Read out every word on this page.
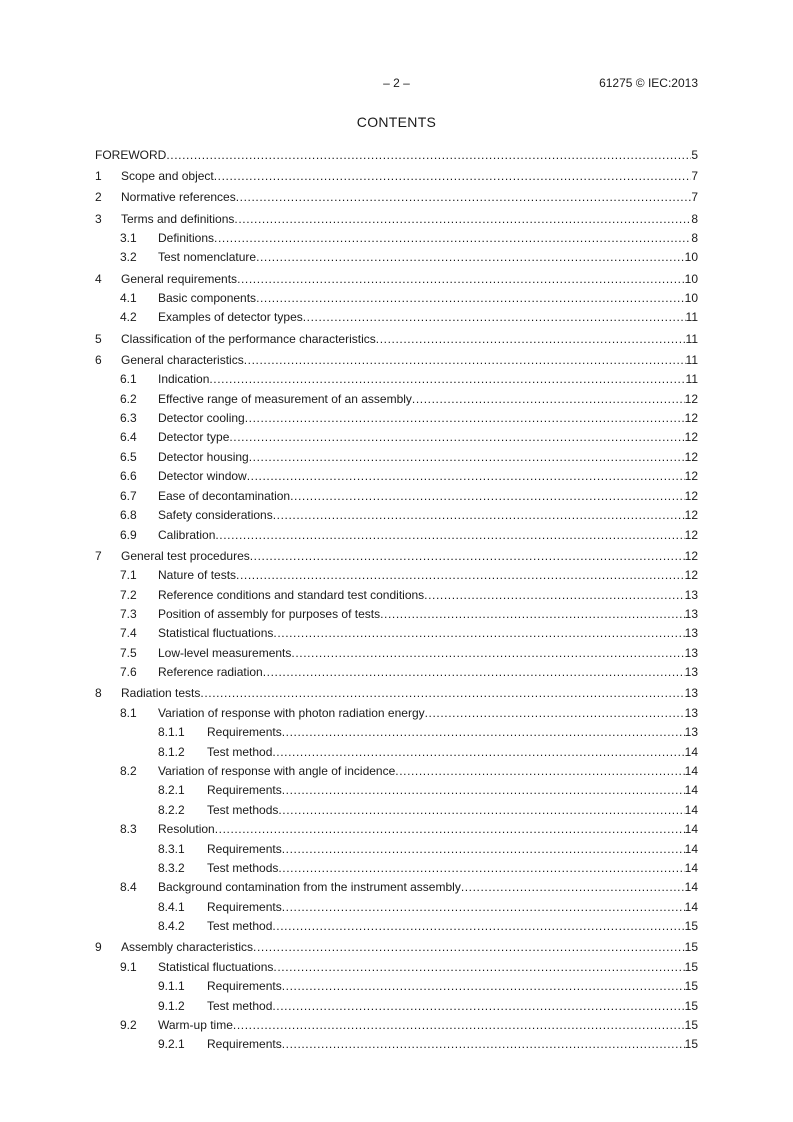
– 2 –	61275 © IEC:2013
CONTENTS
FOREWORD .....	5
1	Scope and object .....	7
2	Normative references .....	7
3	Terms and definitions .....	8
3.1	Definitions .....	8
3.2	Test nomenclature .....	10
4	General requirements .....	10
4.1	Basic components .....	10
4.2	Examples of detector types .....	11
5	Classification of the performance characteristics .....	11
6	General characteristics .....	11
6.1	Indication .....	11
6.2	Effective range of measurement of an assembly .....	12
6.3	Detector cooling .....	12
6.4	Detector type .....	12
6.5	Detector housing .....	12
6.6	Detector window .....	12
6.7	Ease of decontamination .....	12
6.8	Safety considerations .....	12
6.9	Calibration .....	12
7	General test procedures .....	12
7.1	Nature of tests .....	12
7.2	Reference conditions and standard test conditions .....	13
7.3	Position of assembly for purposes of tests .....	13
7.4	Statistical fluctuations .....	13
7.5	Low-level measurements .....	13
7.6	Reference radiation .....	13
8	Radiation tests .....	13
8.1	Variation of response with photon radiation energy .....	13
8.1.1	Requirements .....	13
8.1.2	Test method .....	14
8.2	Variation of response with angle of incidence .....	14
8.2.1	Requirements .....	14
8.2.2	Test methods .....	14
8.3	Resolution .....	14
8.3.1	Requirements .....	14
8.3.2	Test methods .....	14
8.4	Background contamination from the instrument assembly .....	14
8.4.1	Requirements .....	14
8.4.2	Test method .....	15
9	Assembly characteristics .....	15
9.1	Statistical fluctuations .....	15
9.1.1	Requirements .....	15
9.1.2	Test method .....	15
9.2	Warm-up time .....	15
9.2.1	Requirements .....	15
